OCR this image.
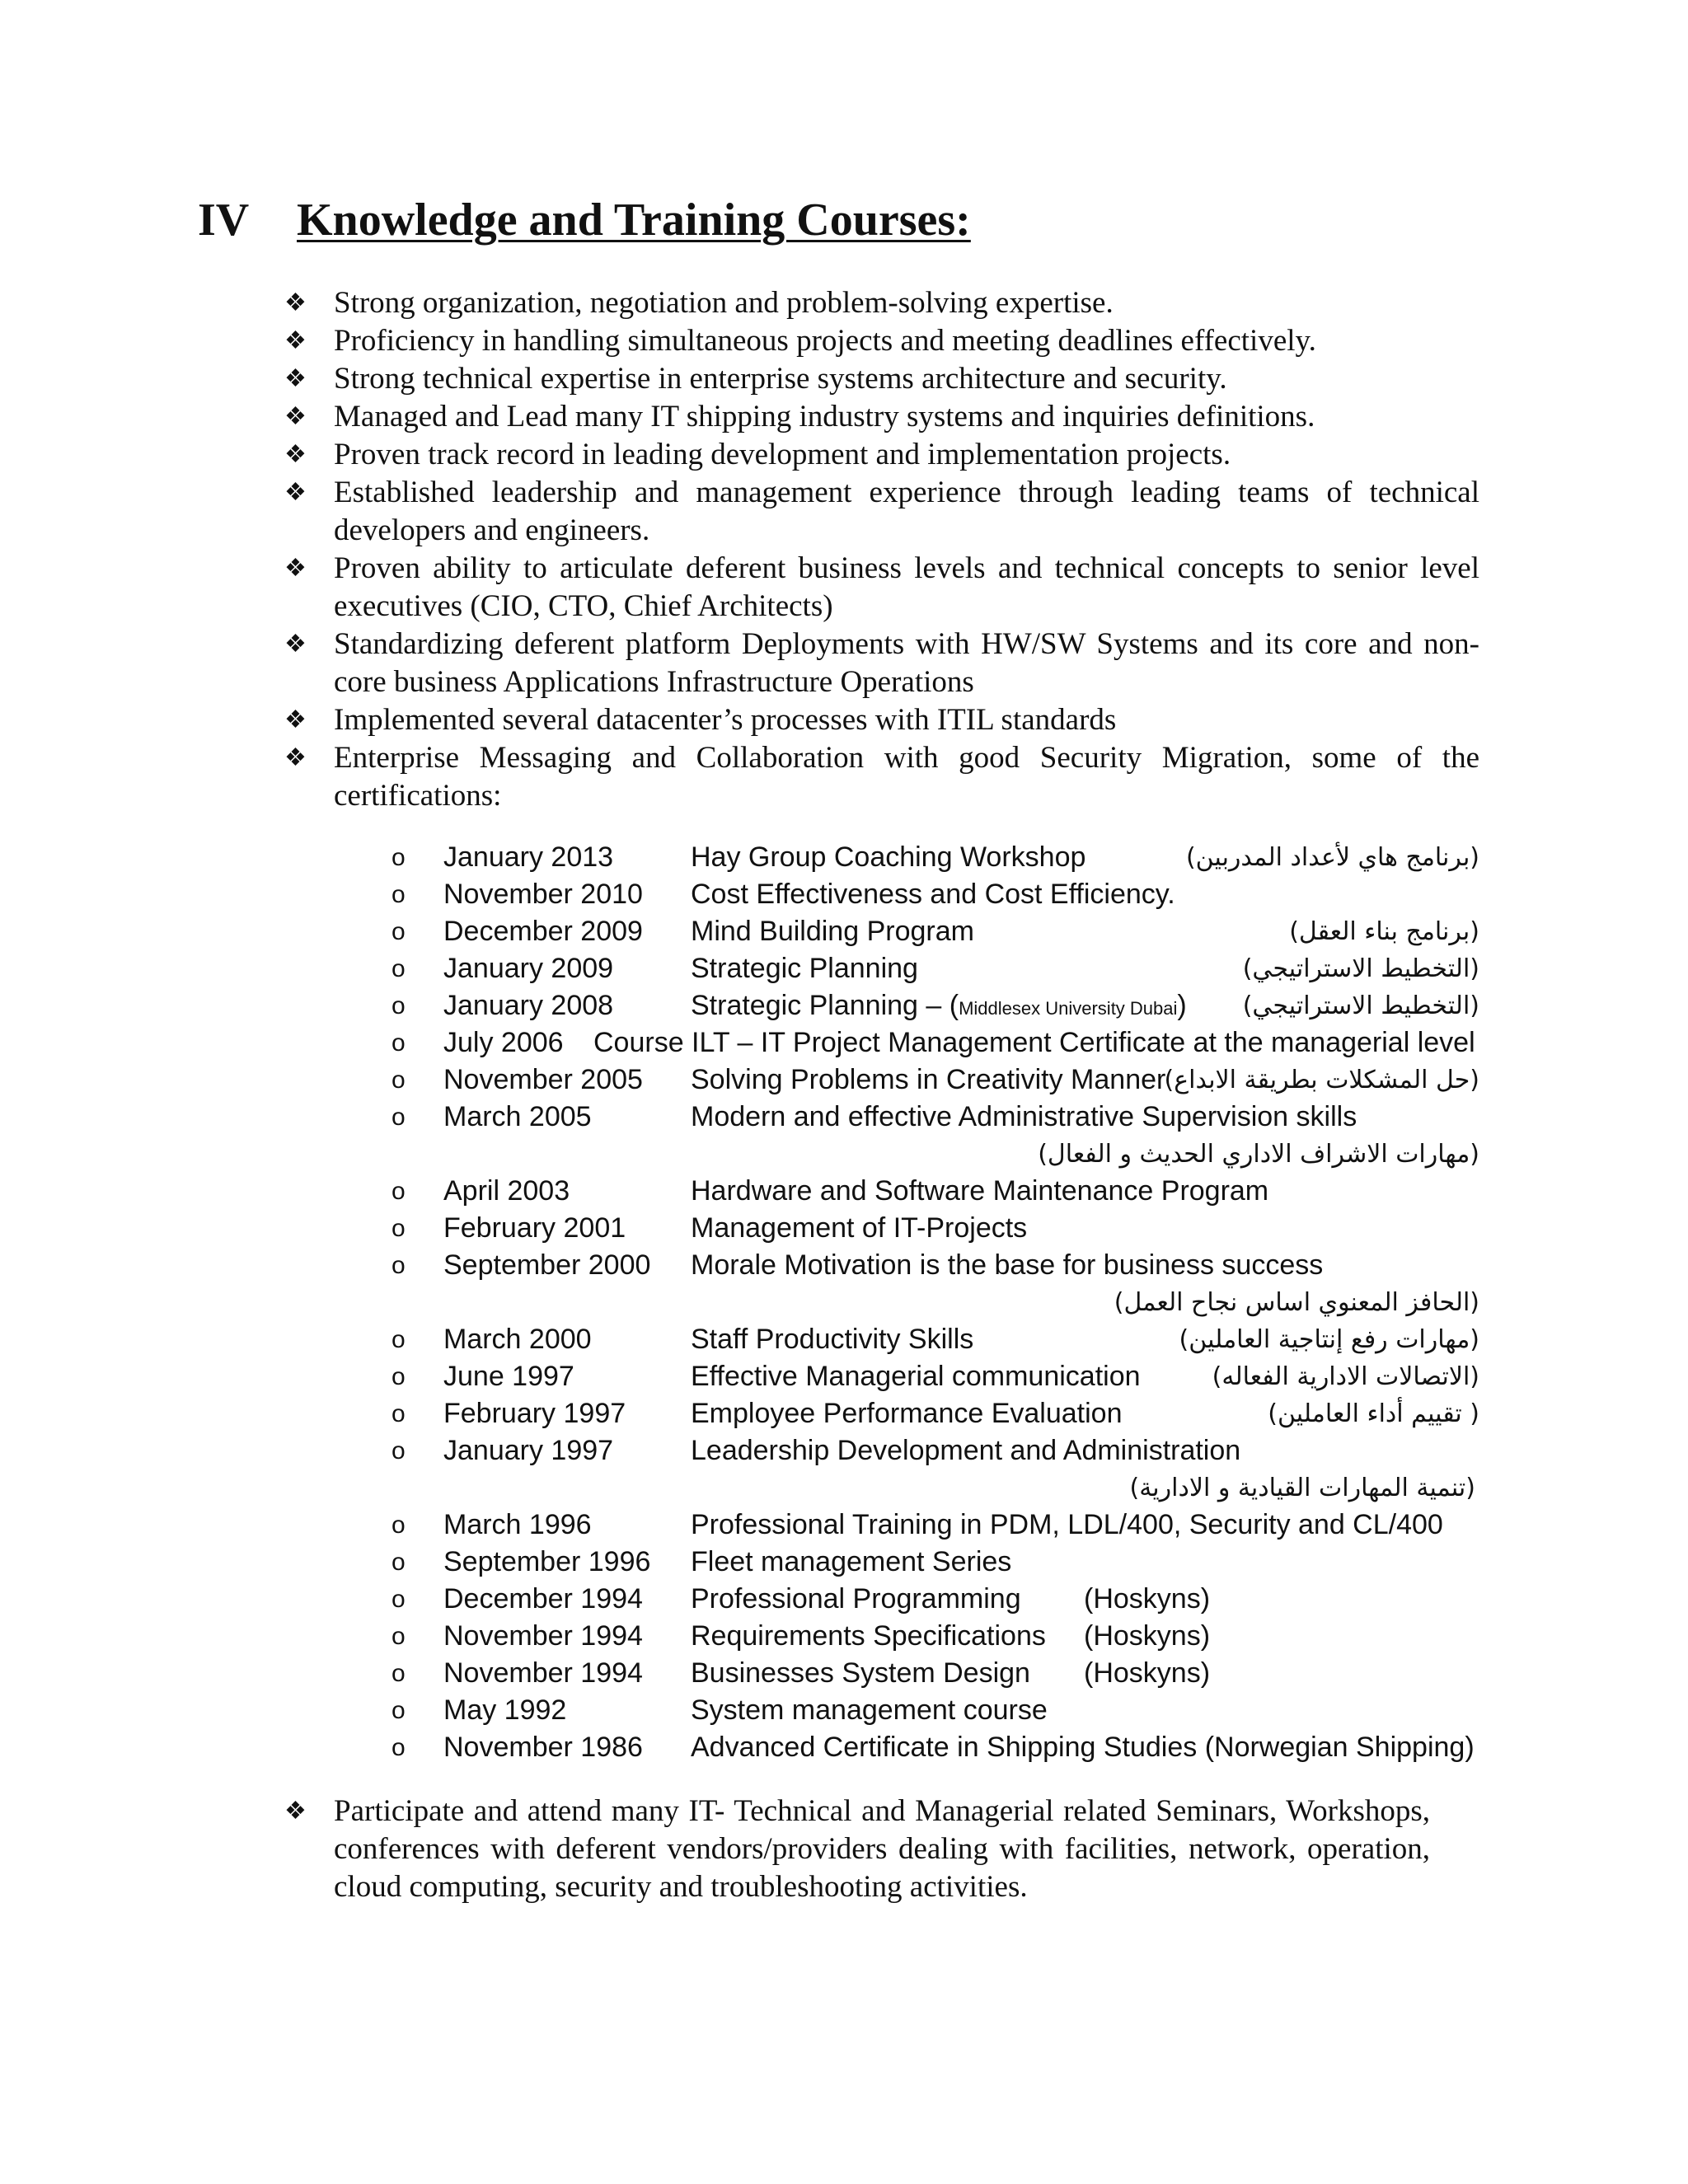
IV Knowledge and Training Courses:

❖ Strong organization, negotiation and problem-solving expertise.

❖ Proficiency in handling simultaneous projects and meeting deadlines effectively.

❖ Strong technical expertise in enterprise systems architecture and security.

❖ Managed and Lead many IT shipping industry systems and inquiries definitions.

❖ Proven track record in leading development and implementation projects.

❖ Established leadership and management experience through leading teams of technical developers and engineers.

❖ Proven ability to articulate deferent business levels and technical concepts to senior level executives (CIO, CTO, Chief Architects)

❖ Standardizing deferent platform Deployments with HW/SW Systems and its core and non-core business Applications Infrastructure Operations

❖ Implemented several datacenter’s processes with ITIL standards

❖ Enterprise Messaging and Collaboration with good Security Migration, some of the certifications:

o January 2013	Hay Group Coaching Workshop	(برنامج هاي لأعداد المدربين)
o November 2010 Cost Effectiveness and Cost Efficiency.
o December 2009 Mind Building Program	(برنامج بناء العقل)
o January 2009	Strategic Planning	(التخطيط الاستراتيجي)
o January 2008	Strategic Planning – (Middlesex University Dubai) (التخطيط الاستراتيجي)
o July 2006 Course ILT – IT Project Management Certificate at the managerial level
o November 2005 Solving Problems in Creativity Manner
(حل المشكلات بطريقة الابداع)
o March 2005	Modern and effective Administrative Supervision skills
(مهارات الاشراف الاداري الحديث و الفعال)
o April 2003	Hardware and Software Maintenance Program
o February 2001 Management of IT-Projects
o September 2000 Morale Motivation is the base for business success
(الحافز المعنوي اساس نجاح العمل)
o March 2000	Staff Productivity Skills	(مهارات رفع إنتاجية العاملين)
o June 1997	Effective Managerial communication	(الاتصالات الادارية الفعاله)
o February 1997 Employee Performance Evaluation	( تقييم أداء العاملين)
o January 1997	Leadership Development and Administration
(تنمية المهارات القيادية و الادارية)
o March 1996	Professional Training in PDM, LDL/400, Security and CL/400
o September 1996 Fleet management Series
o December 1994 Professional Programming (Hoskyns)
o November 1994 Requirements Specifications (Hoskyns)
o November 1994 Businesses System Design (Hoskyns)
o May 1992	System management course
o November 1986 Advanced Certificate in Shipping Studies (Norwegian Shipping)

❖ Participate and attend many IT- Technical and Managerial related Seminars, Workshops, conferences with deferent vendors/providers dealing with facilities, network, operation, cloud computing, security and troubleshooting activities.
